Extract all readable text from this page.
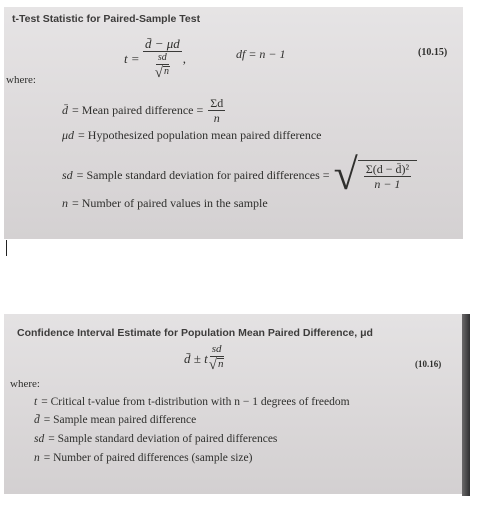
t-Test Statistic for Paired-Sample Test
$t = \frac{d̄ - \mu d}{\frac{sd}{√ n}}$ ,	df = n − 1	(10.15)
where:
d̄ = Mean paired difference = $\frac{\Sigma d}{n}$
μd = Hypothesized population mean paired difference
sd = Sample standard deviation for paired differences = √ $\frac{\text{Σ(d − d̄)²}}{n - 1}$
n = Number of paired values in the sample
Confidence Interval Estimate for Population Mean Paired Difference, μd
d̄ ± t $\frac{sd}{√ n}$	(10.16)
where:
t = Critical t-value from t-distribution with n − 1 degrees of freedom
d̄ = Sample mean paired difference
sd = Sample standard deviation of paired differences
n = Number of paired differences (sample size)
